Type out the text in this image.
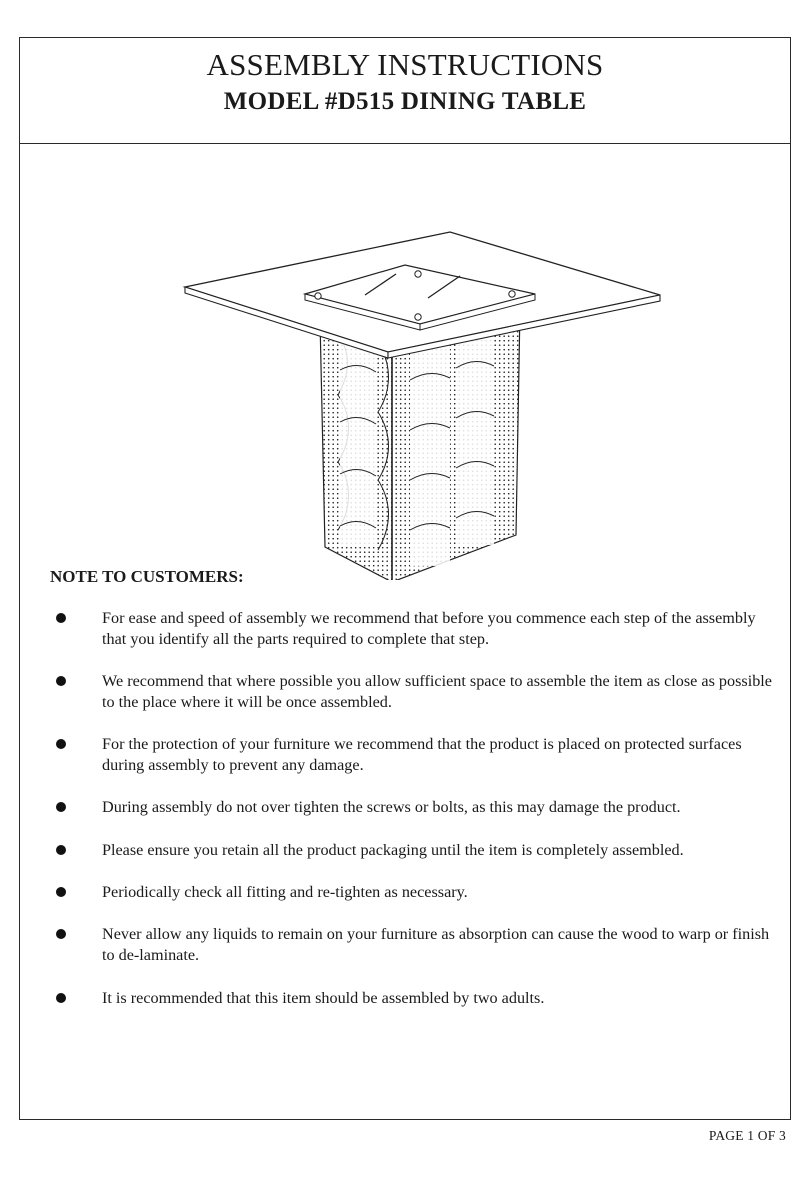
ASSEMBLY INSTRUCTIONS
MODEL #D515 DINING TABLE
NOTE TO CUSTOMERS:
For ease and speed of assembly we recommend that before you commence each step of the assembly that you identify all the parts required to complete that step.
We recommend that where possible you allow sufficient space to assemble the item as close as possible to the place where it will be once assembled.
For the protection of your furniture we recommend that the product is placed on protected surfaces during assembly to prevent any damage.
During assembly do not over tighten the screws or bolts, as this may damage the product.
Please ensure you retain all the product packaging until the item is completely assembled.
Periodically check all fitting and re-tighten as necessary.
Never allow any liquids to remain on your furniture as absorption can cause the wood to warp or finish to de-laminate.
It is recommended that this item should be assembled by two adults.
PAGE 1 OF 3
